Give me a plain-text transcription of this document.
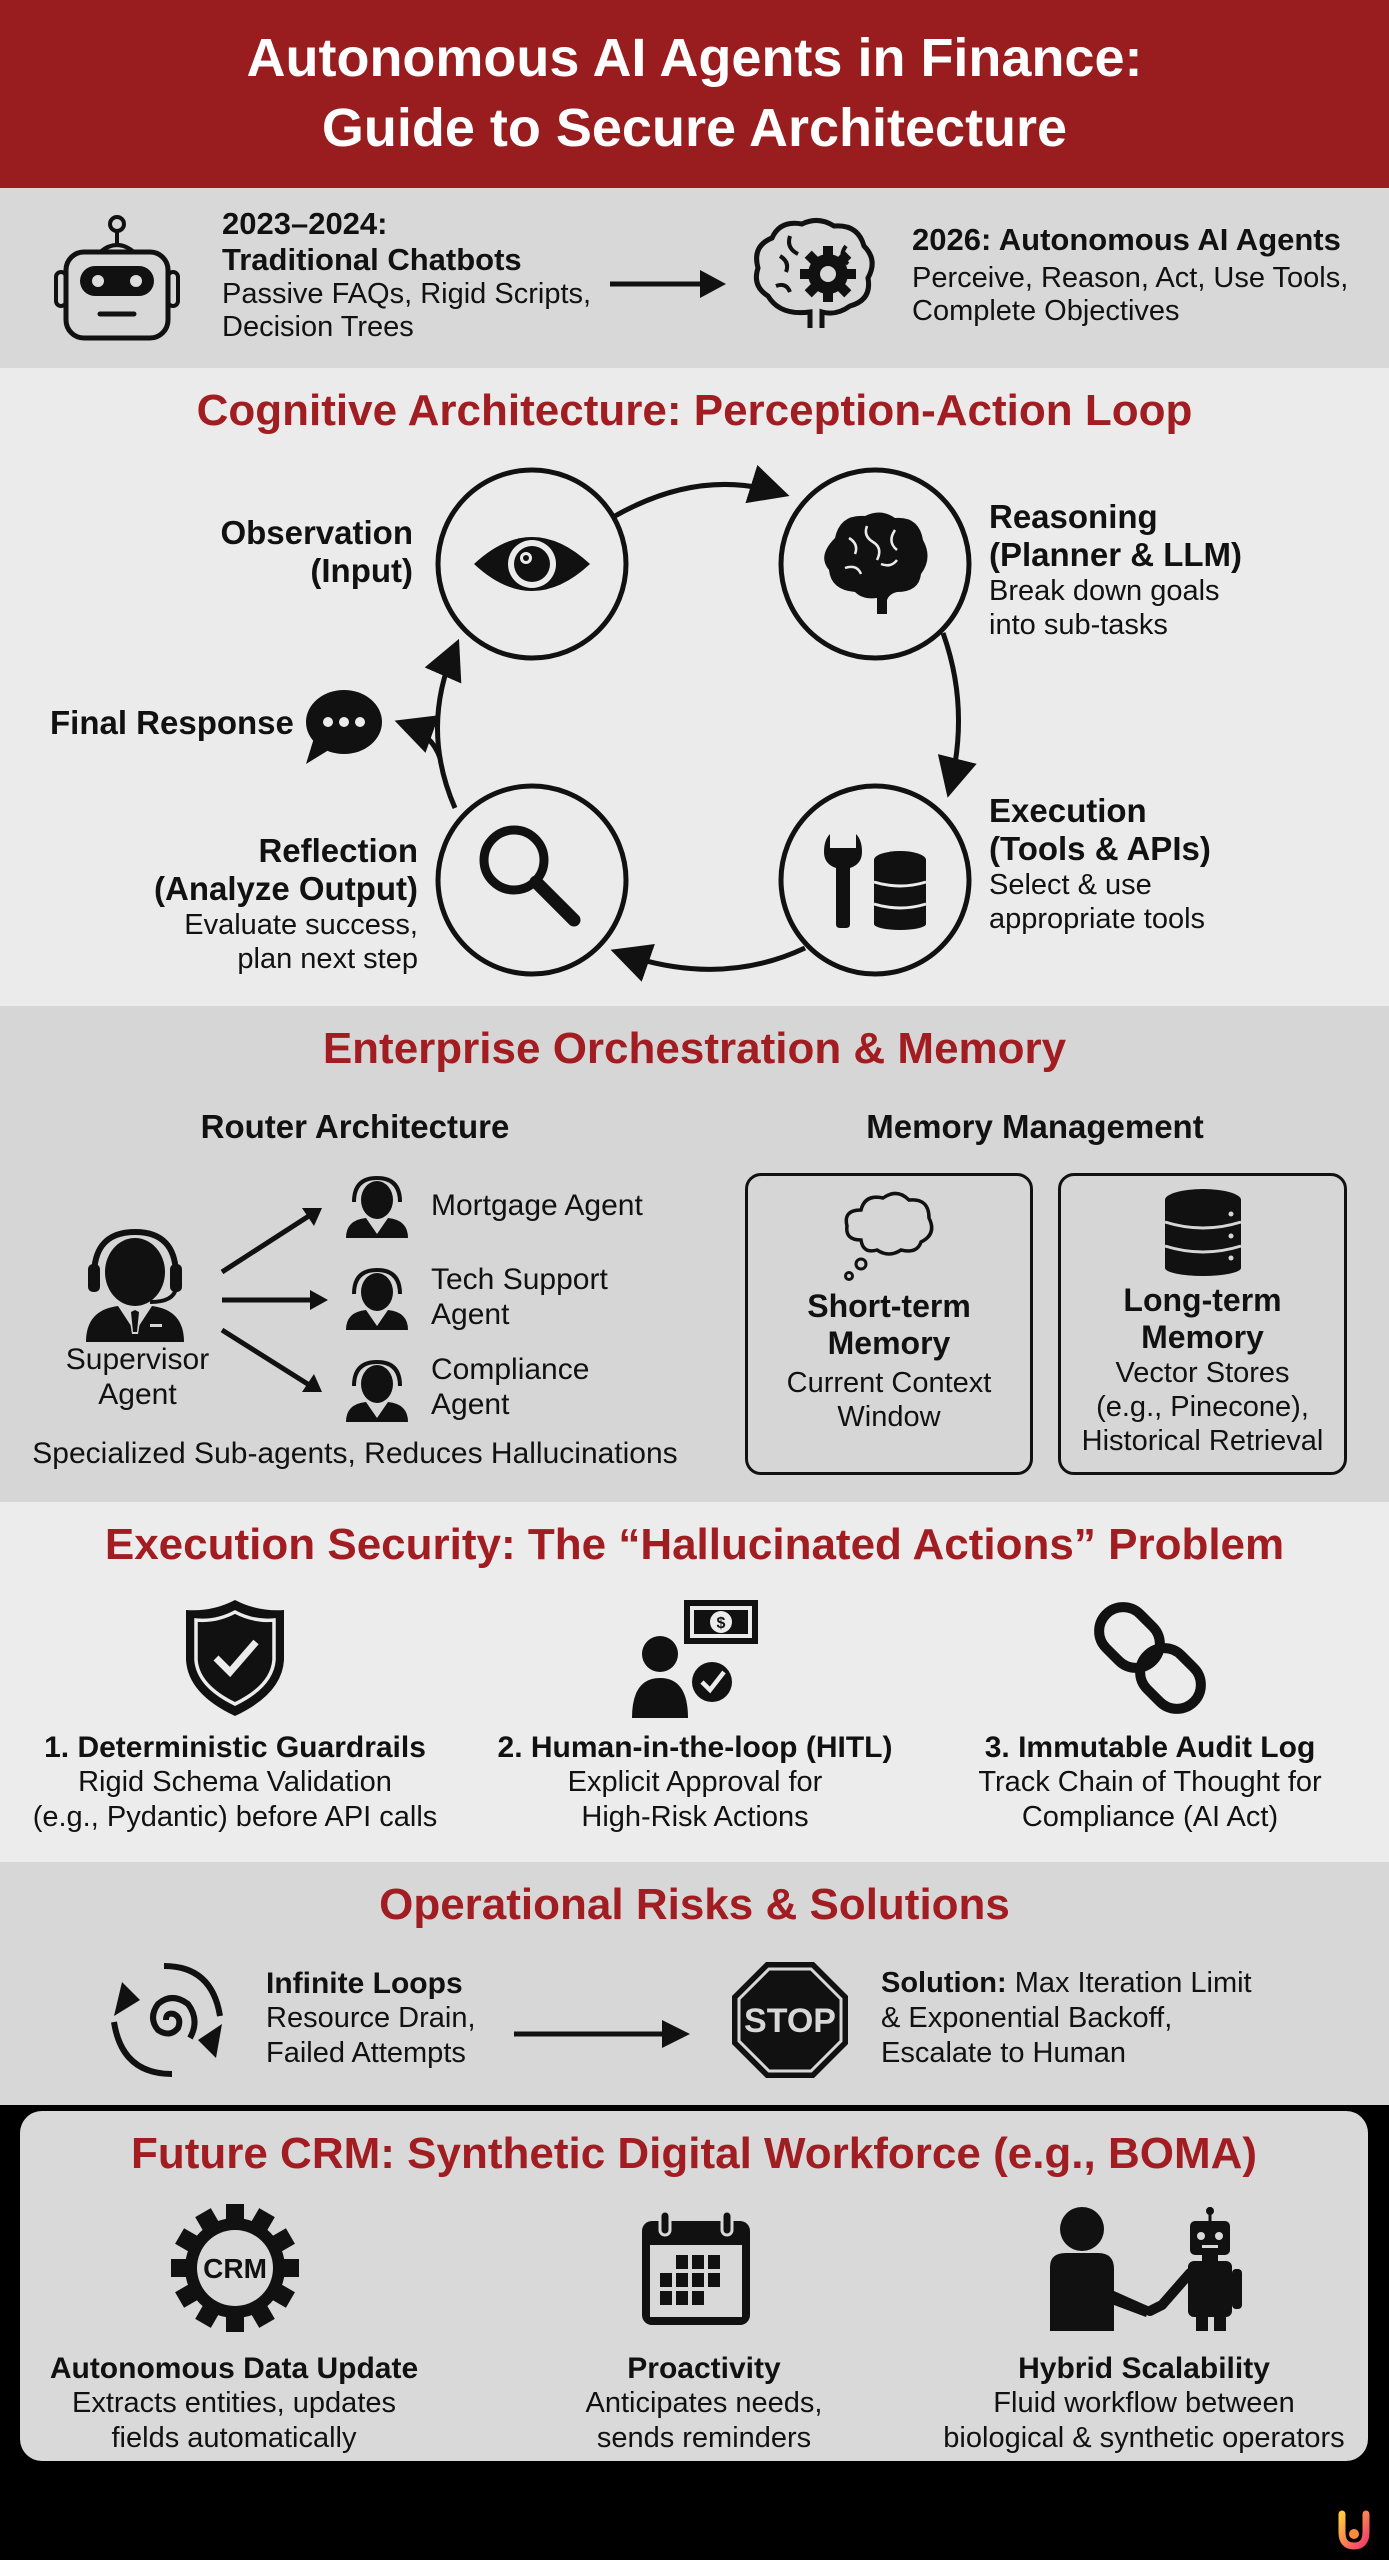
Autonomous AI Agents in Finance:
Guide to Secure Architecture
2023–2024:
Traditional Chatbots
Passive FAQs, Rigid Scripts,
Decision Trees
2026: Autonomous AI Agents
Perceive, Reason, Act, Use Tools,
Complete Objectives
Cognitive Architecture: Perception-Action Loop
Observation
(Input)
Reasoning
(Planner & LLM)
Break down goals
into sub-tasks
Execution
(Tools & APIs)
Select & use
appropriate tools
Reflection
(Analyze Output)
Evaluate success,
plan next step
Final Response
Enterprise Orchestration & Memory
Router Architecture	Memory Management
Supervisor
Agent
Mortgage Agent
Tech Support
Agent
Compliance
Agent
Specialized Sub-agents, Reduces Hallucinations
Short-term
Memory
Current Context
Window
Long-term
Memory
Vector Stores
(e.g., Pinecone),
Historical Retrieval
Execution Security: The “Hallucinated Actions” Problem
$
1. Deterministic Guardrails
Rigid Schema Validation
(e.g., Pydantic) before API calls
2. Human-in-the-loop (HITL)
Explicit Approval for
High-Risk Actions
3. Immutable Audit Log
Track Chain of Thought for
Compliance (AI Act)
Operational Risks & Solutions
Infinite Loops
Resource Drain,
Failed Attempts
STOP
Solution: Max Iteration Limit
& Exponential Backoff,
Escalate to Human
Future CRM: Synthetic Digital Workforce (e.g., BOMA)
CRM
Autonomous Data Update
Extracts entities, updates
fields automatically
Proactivity
Anticipates needs,
sends reminders
Hybrid Scalability
Fluid workflow between
biological & synthetic operators
